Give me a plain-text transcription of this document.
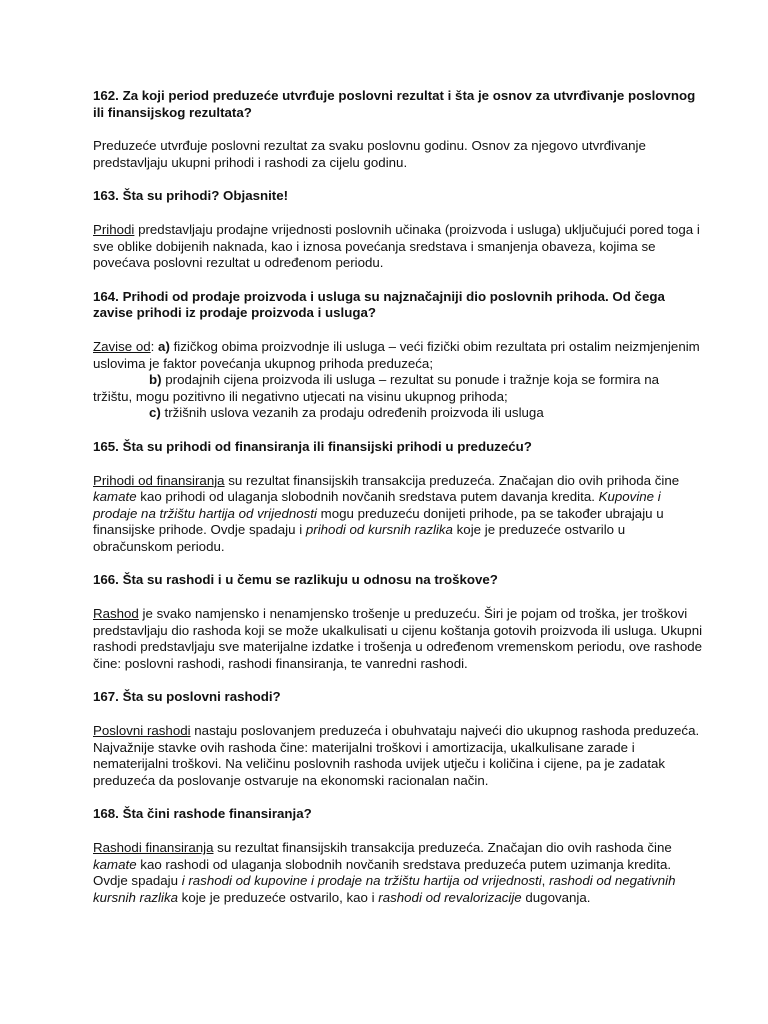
162. Za koji period preduzeće utvrđuje poslovni rezultat i šta je osnov za utvrđivanje poslovnog ili finansijskog rezultata?

Preduzeće utvrđuje poslovni rezultat za svaku poslovnu godinu. Osnov za njegovo utvrđivanje predstavljaju ukupni prihodi i rashodi za cijelu godinu.

163. Šta su prihodi? Objasnite!

Prihodi predstavljaju prodajne vrijednosti poslovnih učinaka (proizvoda i usluga) uključujući pored toga i sve oblike dobijenih naknada, kao i iznosa povećanja sredstava i smanjenja obaveza, kojima se povećava poslovni rezultat u određenom periodu.

164. Prihodi od prodaje proizvoda i usluga su najznačajniji dio poslovnih prihoda. Od čega zavise prihodi iz prodaje proizvoda i usluga?

Zavise od: a) fizičkog obima proizvodnje ili usluga – veći fizički obim rezultata pri ostalim neizmjenjenim uslovima je faktor povećanja ukupnog prihoda preduzeća;
b) prodajnih cijena proizvoda ili usluga – rezultat su ponude i tražnje koja se formira na
tržištu, mogu pozitivno ili negativno utjecati na visinu ukupnog prihoda;
c) tržišnih uslova vezanih za prodaju određenih proizvoda ili usluga

165. Šta su prihodi od finansiranja ili finansijski prihodi u preduzeću?

Prihodi od finansiranja su rezultat finansijskih transakcija preduzeća. Značajan dio ovih prihoda čine kamate kao prihodi od ulaganja slobodnih novčanih sredstava putem davanja kredita. Kupovine i prodaje na tržištu hartija od vrijednosti mogu preduzeću donijeti prihode, pa se također ubrajaju u finansijske prihode. Ovdje spadaju i prihodi od kursnih razlika koje je preduzeće ostvarilo u obračunskom periodu.

166. Šta su rashodi i u čemu se razlikuju u odnosu na troškove?

Rashod je svako namjensko i nenamjensko trošenje u preduzeću. Širi je pojam od troška, jer troškovi predstavljaju dio rashoda koji se može ukalkulisati u cijenu koštanja gotovih proizvoda ili usluga. Ukupni rashodi predstavljaju sve materijalne izdatke i trošenja u određenom vremenskom periodu, ove rashode čine: poslovni rashodi, rashodi finansiranja, te vanredni rashodi.

167. Šta su poslovni rashodi?

Poslovni rashodi nastaju poslovanjem preduzeća i obuhvataju najveći dio ukupnog rashoda preduzeća. Najvažnije stavke ovih rashoda čine: materijalni troškovi i amortizacija, ukalkulisane zarade i nematerijalni troškovi. Na veličinu poslovnih rashoda uvijek utječu i količina i cijene, pa je zadatak preduzeća da poslovanje ostvaruje na ekonomski racionalan način.

168. Šta čini rashode finansiranja?

Rashodi finansiranja su rezultat finansijskih transakcija preduzeća. Značajan dio ovih rashoda čine kamate kao rashodi od ulaganja slobodnih novčanih sredstava preduzeća putem uzimanja kredita. Ovdje spadaju i rashodi od kupovine i prodaje na tržištu hartija od vrijednosti, rashodi od negativnih kursnih razlika koje je preduzeće ostvarilo, kao i rashodi od revalorizacije dugovanja.
